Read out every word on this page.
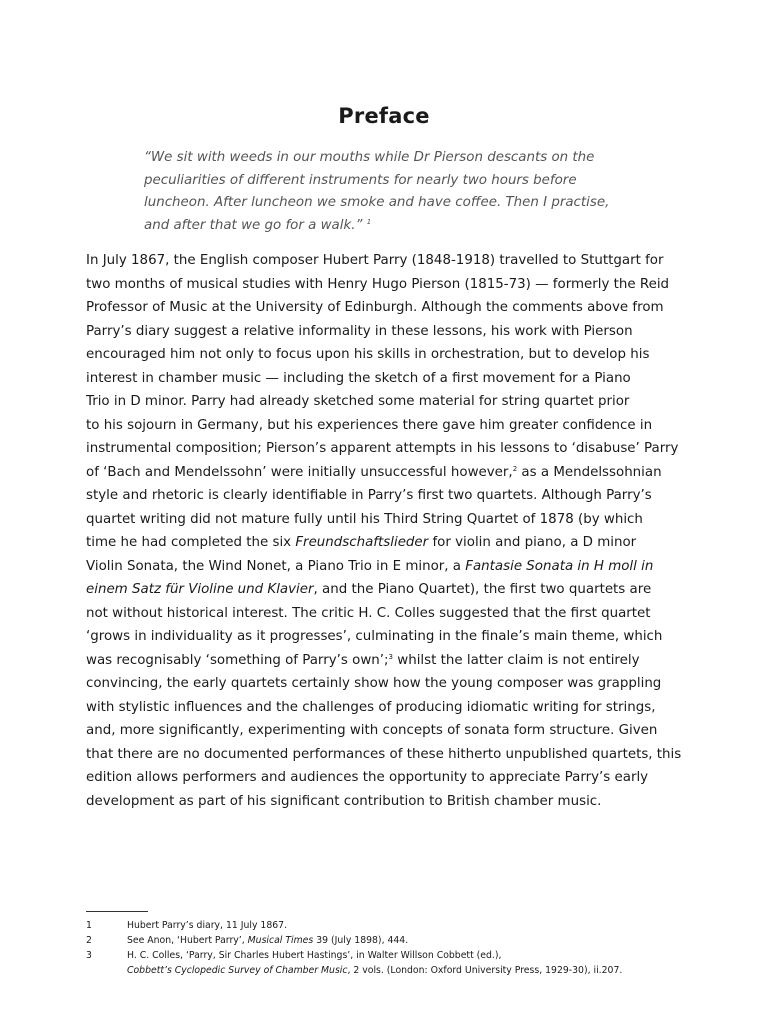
Preface
“We sit with weeds in our mouths while Dr Pierson descants on the
peculiarities of different instruments for nearly two hours before
luncheon. After luncheon we smoke and have coffee. Then I practise,
and after that we go for a walk.” $^1$
In July 1867, the English composer Hubert Parry (1848-1918) travelled to Stuttgart for
two months of musical studies with Henry Hugo Pierson (1815-73) — formerly the Reid
Professor of Music at the University of Edinburgh. Although the comments above from
Parry’s diary suggest a relative informality in these lessons, his work with Pierson
encouraged him not only to focus upon his skills in orchestration, but to develop his
interest in chamber music — including the sketch of a first movement for a Piano
Trio in D minor. Parry had already sketched some material for string quartet prior
to his sojourn in Germany, but his experiences there gave him greater confidence in
instrumental composition; Pierson’s apparent attempts in his lessons to ‘disabuse’ Parry
of ‘Bach and Mendelssohn’ were initially unsuccessful however,$^2$ as a Mendelssohnian
style and rhetoric is clearly identifiable in Parry’s first two quartets. Although Parry’s
quartet writing did not mature fully until his Third String Quartet of 1878 (by which
time he had completed the six Freundschaftslieder for violin and piano, a D minor
Violin Sonata, the Wind Nonet, a Piano Trio in E minor, a Fantasie Sonata in H moll in
einem Satz für Violine und Klavier, and the Piano Quartet), the first two quartets are
not without historical interest. The critic H. C. Colles suggested that the first quartet
‘grows in individuality as it progresses’, culminating in the finale’s main theme, which
was recognisably ‘something of Parry’s own’;$^3$ whilst the latter claim is not entirely
convincing, the early quartets certainly show how the young composer was grappling
with stylistic influences and the challenges of producing idiomatic writing for strings,
and, more significantly, experimenting with concepts of sonata form structure. Given
that there are no documented performances of these hitherto unpublished quartets, this
edition allows performers and audiences the opportunity to appreciate Parry’s early
development as part of his significant contribution to British chamber music.
1	Hubert Parry’s diary, 11 July 1867.
2	See Anon, ‘Hubert Parry’, Musical Times 39 (July 1898), 444.
3	H. C. Colles, ‘Parry, Sir Charles Hubert Hastings’, in Walter Willson Cobbett (ed.),
Cobbett’s Cyclopedic Survey of Chamber Music, 2 vols. (London: Oxford University Press, 1929-30), ii.207.
